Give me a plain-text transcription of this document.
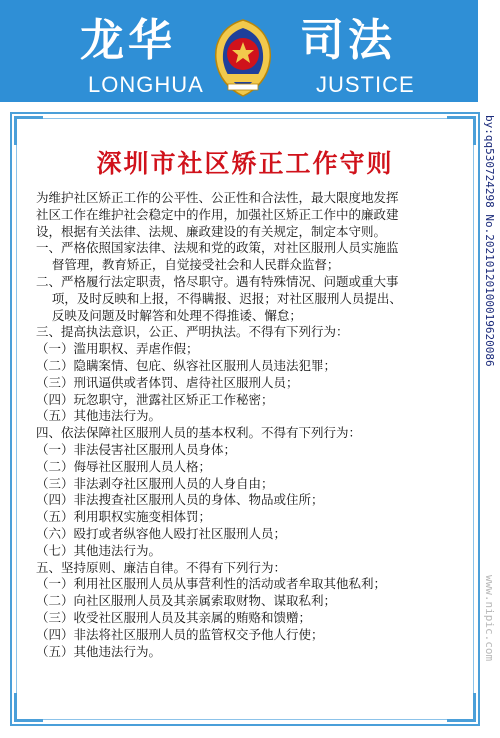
龙华	司法
LONGHUA	JUSTICE
深圳市社区矫正工作守则

为维护社区矫正工作的公平性、公正性和合法性，最大限度地发挥

社区工作在维护社会稳定中的作用，加强社区矫正工作中的廉政建

设，根据有关法律、法规、廉政建设的有关规定，制定本守则。

一、严格依照国家法律、法规和党的政策，对社区服刑人员实施监

督管理，教育矫正，自觉接受社会和人民群众监督；

二、严格履行法定职责，恪尽职守。遇有特殊情况、问题或重大事

项，及时反映和上报，不得瞒报、迟报；对社区服刑人员提出、

反映及问题及时解答和处理不得推诿、懈怠；

三、提高执法意识，公正、严明执法。不得有下列行为：

（一）滥用职权、弄虐作假；

（二）隐瞒案情、包庇、纵容社区服刑人员违法犯罪；

（三）刑讯逼供或者体罚、虐待社区服刑人员；

（四）玩忽职守，泄露社区矫正工作秘密；

（五）其他违法行为。

四、依法保障社区服刑人员的基本权利。不得有下列行为：

（一）非法侵害社区服刑人员身体；

（二）侮辱社区服刑人员人格；

（三）非法剥夺社区服刑人员的人身自由；

（四）非法搜查社区服刑人员的身体、物品或住所；

（五）利用职权实施变相体罚；

（六）殴打或者纵容他人殴打社区服刑人员；

（七）其他违法行为。

五、坚持原则、廉洁自律。不得有下列行为：

（一）利用社区服刑人员从事营利性的活动或者牟取其他私利；

（二）向社区服刑人员及其亲属索取财物、谋取私利；

（三）收受社区服刑人员及其亲属的贿赂和馈赠；

（四）非法将社区服刑人员的监管权交予他人行使；

（五）其他违法行为。

by:qq530724298 No.20210120100019620086
www.nipic.com
